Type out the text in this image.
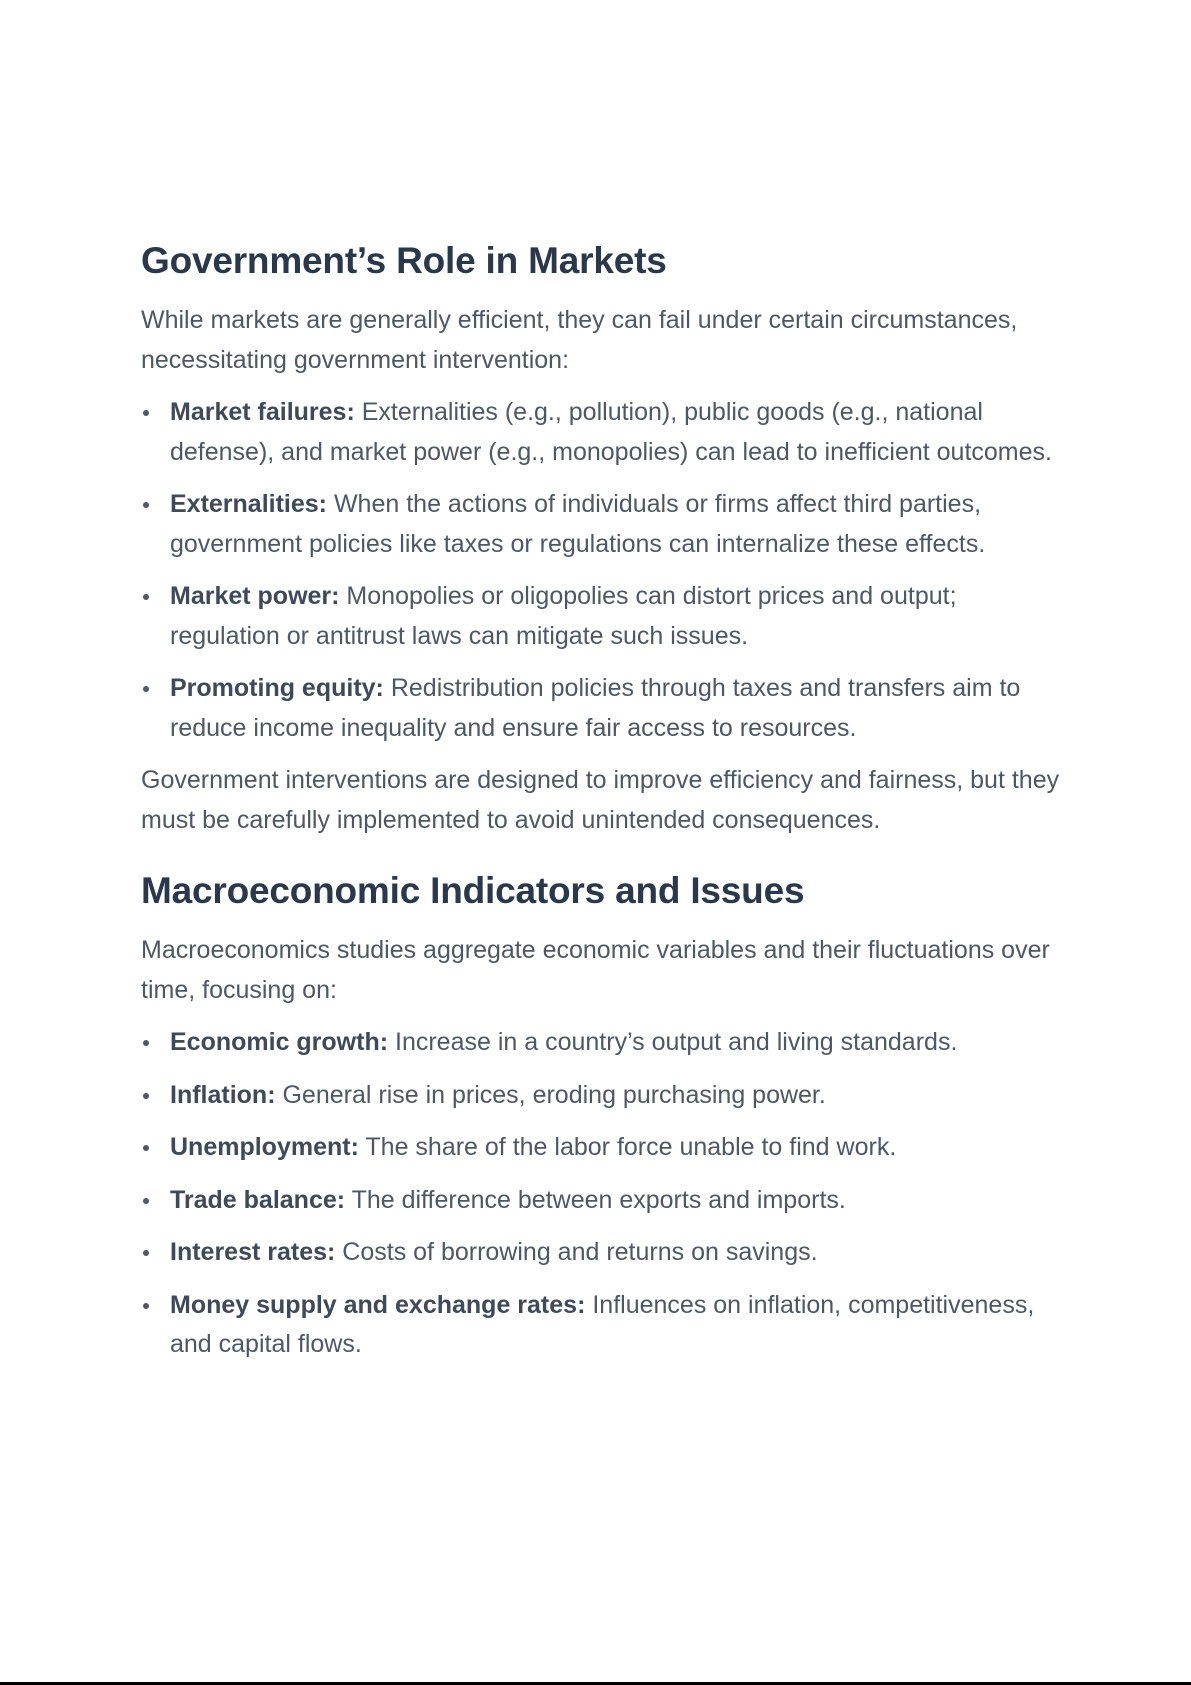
Government’s Role in Markets

While markets are generally efficient, they can fail under certain circumstances, necessitating government intervention:

Market failures: Externalities (e.g., pollution), public goods (e.g., national defense), and market power (e.g., monopolies) can lead to inefficient outcomes.
Externalities: When the actions of individuals or firms affect third parties, government policies like taxes or regulations can internalize these effects.
Market power: Monopolies or oligopolies can distort prices and output; regulation or antitrust laws can mitigate such issues.
Promoting equity: Redistribution policies through taxes and transfers aim to reduce income inequality and ensure fair access to resources.

Government interventions are designed to improve efficiency and fairness, but they must be carefully implemented to avoid unintended consequences.

Macroeconomic Indicators and Issues

Macroeconomics studies aggregate economic variables and their fluctuations over time, focusing on:

Economic growth: Increase in a country’s output and living standards.
Inflation: General rise in prices, eroding purchasing power.
Unemployment: The share of the labor force unable to find work.
Trade balance: The difference between exports and imports.
Interest rates: Costs of borrowing and returns on savings.
Money supply and exchange rates: Influences on inflation, competitiveness, and capital flows.
